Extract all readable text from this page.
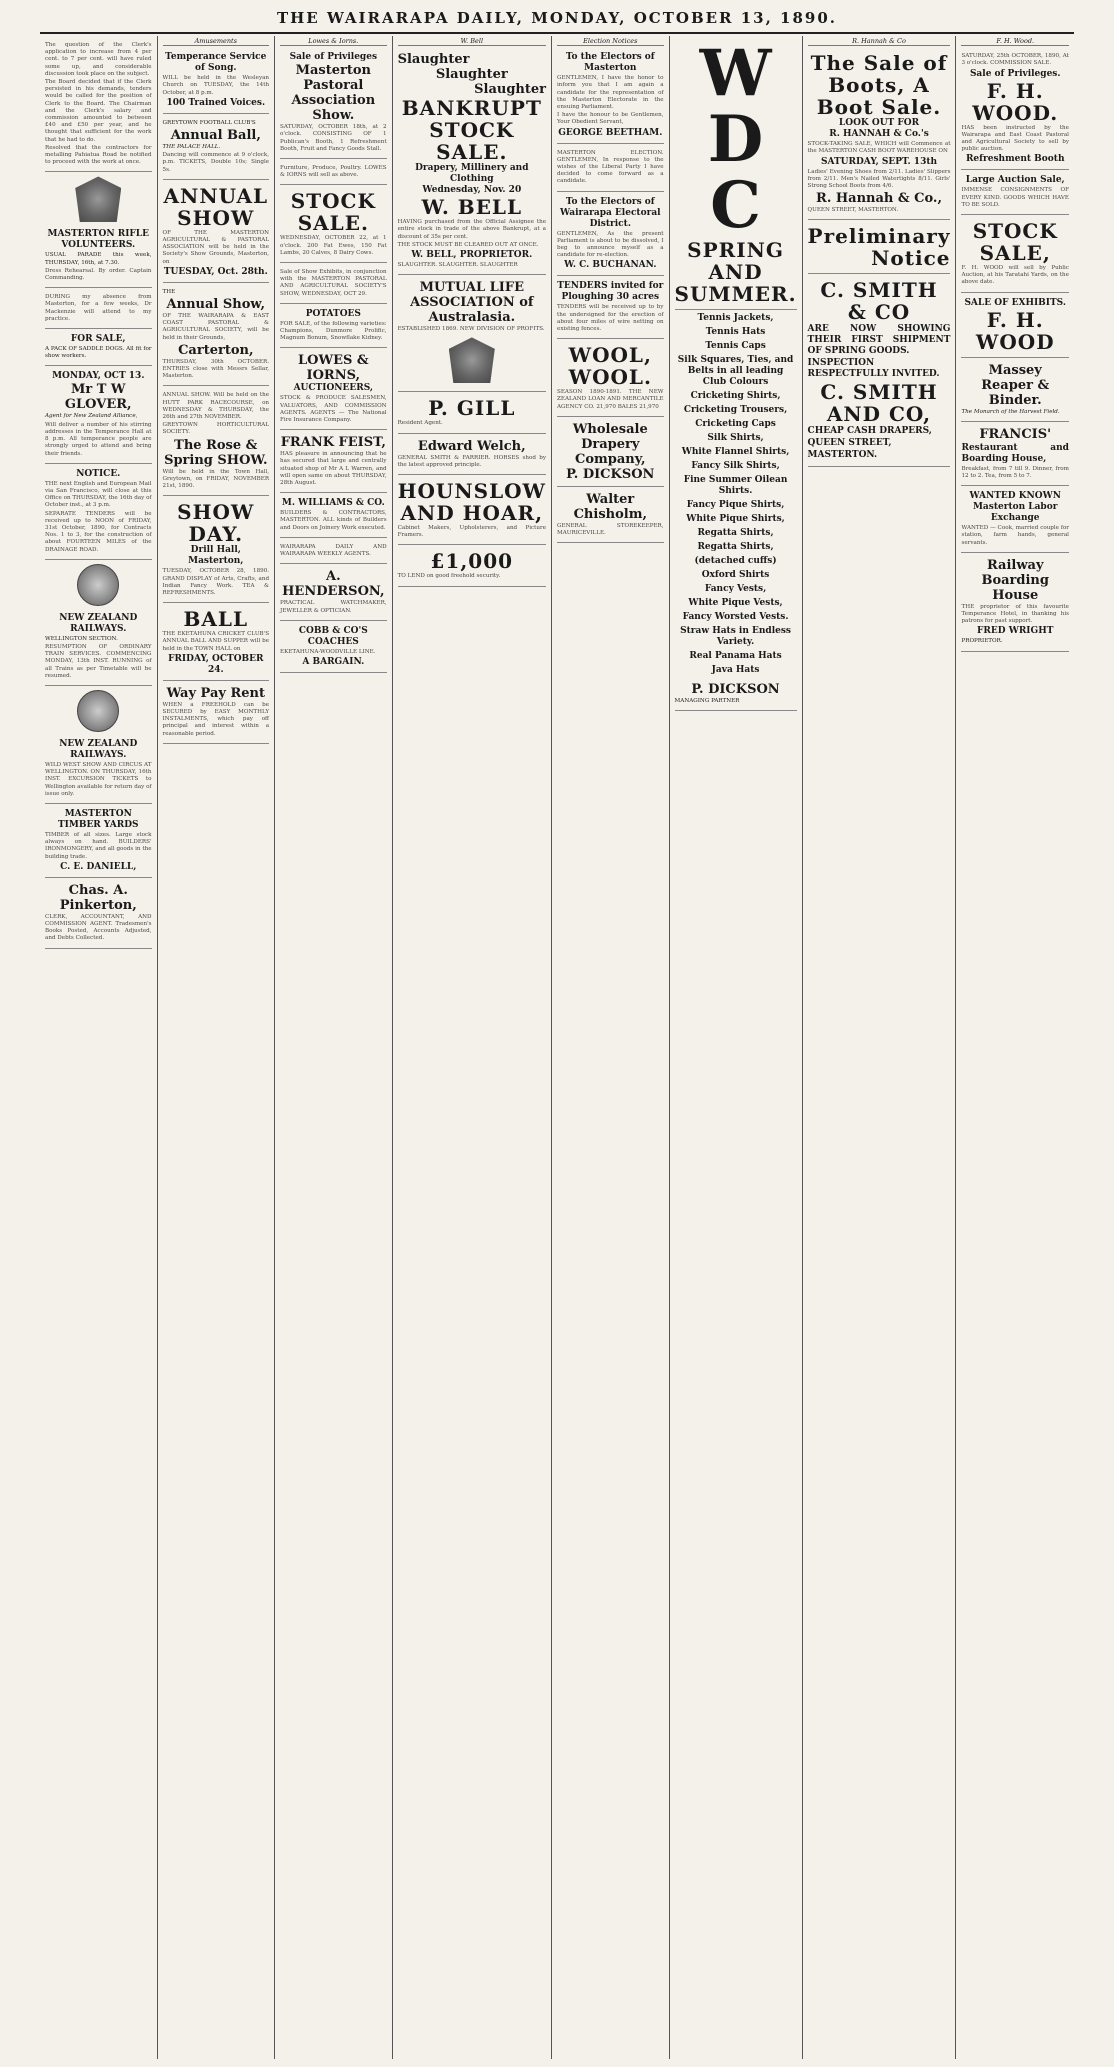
THE WAIRARAPA DAILY, MONDAY, OCTOBER 13, 1890.

The question of the Clerk's application to increase from 4 per cent. to 7 per cent. will have ruled some up, and considerable discussion took place on the subject.

The Board decided that if the Clerk persisted in his demands, tenders would be called for the position of Clerk to the Board. The Chairman and the Clerk's salary and commission amounted to between £40 and £50 per year, and he thought that sufficient for the work that he had to do.

Resolved that the contractors for metalling Pahiatua Road be notified to proceed with the work at once.

MASTERTON RIFLE VOLUNTEERS.

USUAL PARADE this week, THURSDAY, 16th, at 7.30.

Dress Rehearsal. By order. Captain Commanding.

DURING my absence from Masterton, for a few weeks, Dr Mackenzie will attend to my practice.

FOR SALE,

A PACK OF SADDLE DOGS. All fit for show workers.

MONDAY, OCT 13.
Mr T W GLOVER,

Agent for New Zealand Alliance,

Will deliver a number of his stirring addresses in the Temperance Hall at 8 p.m. All temperance people are strongly urged to attend and bring their friends.

NOTICE.

THE next English and European Mail via San Francisco, will close at this Office on THURSDAY, the 16th day of October inst., at 3 p.m.

SEPARATE TENDERS will be received up to NOON of FRIDAY, 31st October, 1890, for Contracts Nos. 1 to 3, for the construction of about FOURTEEN MILES of the DRAINAGE ROAD.

NEW ZEALAND RAILWAYS.

WELLINGTON SECTION.

RESUMPTION OF ORDINARY TRAIN SERVICES. COMMENCING MONDAY, 13th INST. RUNNING of all Trains as per Timetable will be resumed.

NEW ZEALAND RAILWAYS.

WILD WEST SHOW AND CIRCUS AT WELLINGTON. ON THURSDAY, 16th INST. EXCURSION TICKETS to Wellington available for return day of issue only.

MASTERTON TIMBER YARDS

TIMBER of all sizes. Large stock always on hand. BUILDERS' IRONMONGERY, and all goods in the building trade.

C. E. DANIELL,
Chas. A. Pinkerton,

CLERK, ACCOUNTANT, AND COMMISSION AGENT. Tradesmen's Books Posted, Accounts Adjusted, and Debts Collected.

Amusements
Temperance Service of Song.

WILL be held in the Wesleyan Church on TUESDAY, the 14th October, at 8 p.m.

100 Trained Voices.

GREYTOWN FOOTBALL CLUB'S

Annual Ball,

THE PALACE HALL.

Dancing will commence at 9 o'clock, p.m. TICKETS, Double 10s; Single 5s.

ANNUAL SHOW

OF THE MASTERTON AGRICULTURAL & PASTORAL ASSOCIATION will be held in the Society's Show Grounds, Masterton, on

TUESDAY, Oct. 28th.

THE

Annual Show,

OF THE WAIRARAPA & EAST COAST PASTORAL & AGRICULTURAL SOCIETY, will be held in their Grounds,

Carterton,

THURSDAY, 30th OCTOBER. ENTRIES close with Messrs Sellar, Masterton.

ANNUAL SHOW. Will be held on the HUTT PARK RACECOURSE, on WEDNESDAY & THURSDAY, the 26th and 27th NOVEMBER.

GREYTOWN HORTICULTURAL SOCIETY.

The Rose & Spring SHOW.

Will be held in the Town Hall, Greytown, on FRIDAY, NOVEMBER 21st, 1890.

SHOW DAY.
Drill Hall, Masterton,

TUESDAY, OCTOBER 28, 1890. GRAND DISPLAY of Arts, Crafts, and Indian Fancy Work. TEA & REFRESHMENTS.

BALL

THE EKETAHUNA CRICKET CLUB'S ANNUAL BALL AND SUPPER will be held in the TOWN HALL on

FRIDAY, OCTOBER 24.
Way Pay Rent

WHEN a FREEHOLD can be SECURED by EASY MONTHLY INSTALMENTS, which pay off principal and interest within a reasonable period.

Lowes & Iorns.
Sale of Privileges
Masterton Pastoral Association Show.

SATURDAY, OCTOBER 18th, at 2 o'clock. CONSISTING OF 1 Publican's Booth, 1 Refreshment Booth, Fruit and Fancy Goods Stall.

Furniture, Produce, Poultry. LOWES & IORNS will sell as above.

STOCK SALE.

WEDNESDAY, OCTOBER 22, at 1 o'clock. 200 Fat Ewes, 150 Fat Lambs, 20 Calves, 8 Dairy Cows.

Sale of Show Exhibits, in conjunction with the MASTERTON PASTORAL AND AGRICULTURAL SOCIETY'S SHOW, WEDNESDAY, OCT 29.

POTATOES

FOR SALE, of the following varieties: Champions, Dunmore Prolific, Magnum Bonum, Snowflake Kidney.

LOWES & IORNS,
AUCTIONEERS,

STOCK & PRODUCE SALESMEN, VALUATORS, AND COMMISSION AGENTS. AGENTS — The National Fire Insurance Company.

FRANK FEIST,

HAS pleasure in announcing that he has secured that large and centrally situated shop of Mr A L Warren, and will open same on about THURSDAY, 28th August.

M. WILLIAMS & CO.

BUILDERS & CONTRACTORS, MASTERTON. ALL kinds of Builders and Doors on Joinery Work executed.

WAIRARAPA DAILY AND WAIRARAPA WEEKLY AGENTS.

A. HENDERSON,

PRACTICAL WATCHMAKER, JEWELLER & OPTICIAN.

COBB & CO'S COACHES

EKETAHUNA-WOODVILLE LINE.

A BARGAIN.
W. Bell
Slaughter
Slaughter
Slaughter
BANKRUPT STOCK SALE.
Drapery, Millinery and Clothing
Wednesday, Nov. 20
W. BELL

HAVING purchased from the Official Assignee the entire stock in trade of the above Bankrupt, at a discount of 35s per cent.

THE STOCK MUST BE CLEARED OUT AT ONCE.

W. BELL, PROPRIETOR.

SLAUGHTER. SLAUGHTER. SLAUGHTER

MUTUAL LIFE ASSOCIATION of Australasia.

ESTABLISHED 1869. NEW DIVISION OF PROFITS.

P. GILL

Resident Agent.

Edward Welch,

GENERAL SMITH & FARRIER. HORSES shod by the latest approved principle.

HOUNSLOW AND HOAR,

Cabinet Makers, Upholsterers, and Picture Framers.

£1,000

TO LEND on good freehold security.

Election Notices
To the Electors of Masterton

GENTLEMEN, I have the honor to inform you that I am again a candidate for the representation of the Masterton Electorate in the ensuing Parliament.

I have the honour to be Gentlemen, Your Obedient Servant,

GEORGE BEETHAM.

MASTERTON ELECTION. GENTLEMEN, In response to the wishes of the Liberal Party I have decided to come forward as a candidate.

To the Electors of Wairarapa Electoral District.

GENTLEMEN, As the present Parliament is about to be dissolved, I beg to announce myself as a candidate for re-election.

W. C. BUCHANAN.
TENDERS invited for Ploughing 30 acres

TENDERS will be received up to by the undersigned for the erection of about four miles of wire netting on existing fences.

WOOL, WOOL.

SEASON 1890-1891. THE NEW ZEALAND LOAN AND MERCANTILE AGENCY CO. 21,970 BALES 21,970

Wholesale Drapery Company,
P. DICKSON
Walter Chisholm,

GENERAL STOREKEEPER, MAURICEVILLE.

W D
C
SPRING AND SUMMER.

Tennis Jackets,

Tennis Hats

Tennis Caps

Silk Squares, Ties, and Belts in all leading Club Colours

Cricketing Shirts,

Cricketing Trousers,

Cricketing Caps

Silk Shirts,

White Flannel Shirts,

Fancy Silk Shirts,

Fine Summer Oilean Shirts.

Fancy Pique Shirts,

White Pique Shirts,

Regatta Shirts,

Regatta Shirts,

(detached cuffs)

Oxford Shirts

Fancy Vests,

White Pique Vests,

Fancy Worsted Vests.

Straw Hats in Endless Variety.

Real Panama Hats

Java Hats

P. DICKSON

MANAGING PARTNER

R. Hannah & Co
The Sale of Boots, A Boot Sale.
LOOK OUT FOR
R. HANNAH & Co.'s

STOCK-TAKING SALE, WHICH will Commence at the MASTERTON CASH BOOT WAREHOUSE ON

SATURDAY, SEPT. 13th

Ladies' Evening Shoes from 2/11. Ladies' Slippers from 2/11. Men's Nailed Watertights 8/11. Girls' Strong School Boots from 4/6.

R. Hannah & Co.,

QUEEN STREET, MASTERTON.

Preliminary
Notice
C. SMITH & CO

ARE NOW SHOWING THEIR FIRST SHIPMENT OF SPRING GOODS.

INSPECTION RESPECTFULLY INVITED.

C. SMITH AND CO,

CHEAP CASH DRAPERS,

QUEEN STREET,

MASTERTON.

F. H. Wood.

SATURDAY, 25th OCTOBER, 1890, At 3 o'clock. COMMISSION SALE.

Sale of Privileges.
F. H. WOOD.

HAS been instructed by the Wairarapa and East Coast Pastoral and Agricultural Society to sell by public auction.

Refreshment Booth
Large Auction Sale,

IMMENSE CONSIGNMENTS OF EVERY KIND. GOODS WHICH HAVE TO BE SOLD.

STOCK SALE,

F. H. WOOD will sell by Public Auction, at his Taratahi Yards, on the above date.

SALE OF EXHIBITS.
F. H. WOOD
Massey Reaper & Binder.

The Monarch of the Harvest Field.

FRANCIS'

Restaurant and Boarding House,

Breakfast, from 7 till 9. Dinner, from 12 to 2. Tea, from 5 to 7.

WANTED KNOWN
Masterton Labor Exchange

WANTED — Cook, married couple for station, farm hands, general servants.

Railway Boarding House

THE proprietor of this favourite Temperance Hotel, in thanking his patrons for past support.

FRED WRIGHT

PROPRIETOR.
